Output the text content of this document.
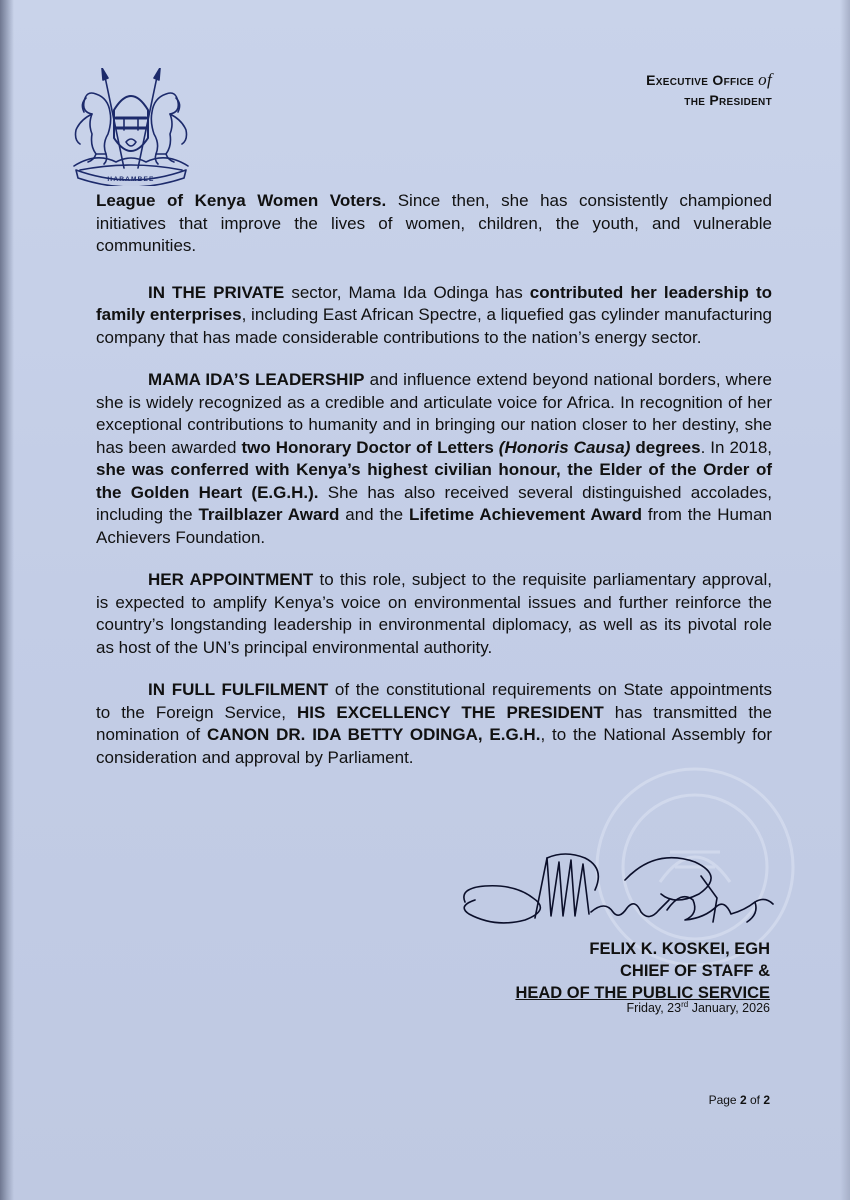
HARAMBEE
Executive Office of
the President

League of Kenya Women Voters. Since then, she has consistently championed initiatives that improve the lives of women, children, the youth, and vulnerable communities.

IN THE PRIVATE sector, Mama Ida Odinga has contributed her leadership to family enterprises, including East African Spectre, a liquefied gas cylinder manufacturing company that has made considerable contributions to the nation’s energy sector.

MAMA IDA’S LEADERSHIP and influence extend beyond national borders, where she is widely recognized as a credible and articulate voice for Africa. In recognition of her exceptional contributions to humanity and in bringing our nation closer to her destiny, she has been awarded two Honorary Doctor of Letters (Honoris Causa) degrees. In 2018, she was conferred with Kenya’s highest civilian honour, the Elder of the Order of the Golden Heart (E.G.H.). She has also received several distinguished accolades, including the Trailblazer Award and the Lifetime Achievement Award from the Human Achievers Foundation.

HER APPOINTMENT to this role, subject to the requisite parliamentary approval, is expected to amplify Kenya’s voice on environmental issues and further reinforce the country’s longstanding leadership in environmental diplomacy, as well as its pivotal role as host of the UN’s principal environmental authority.

IN FULL FULFILMENT of the constitutional requirements on State appointments to the Foreign Service, HIS EXCELLENCY THE PRESIDENT has transmitted the nomination of CANON DR. IDA BETTY ODINGA, E.G.H., to the National Assembly for consideration and approval by Parliament.

FELIX K. KOSKEI, EGH
CHIEF OF STAFF &
HEAD OF THE PUBLIC SERVICE
Friday, 23rd January, 2026
Page 2 of 2
